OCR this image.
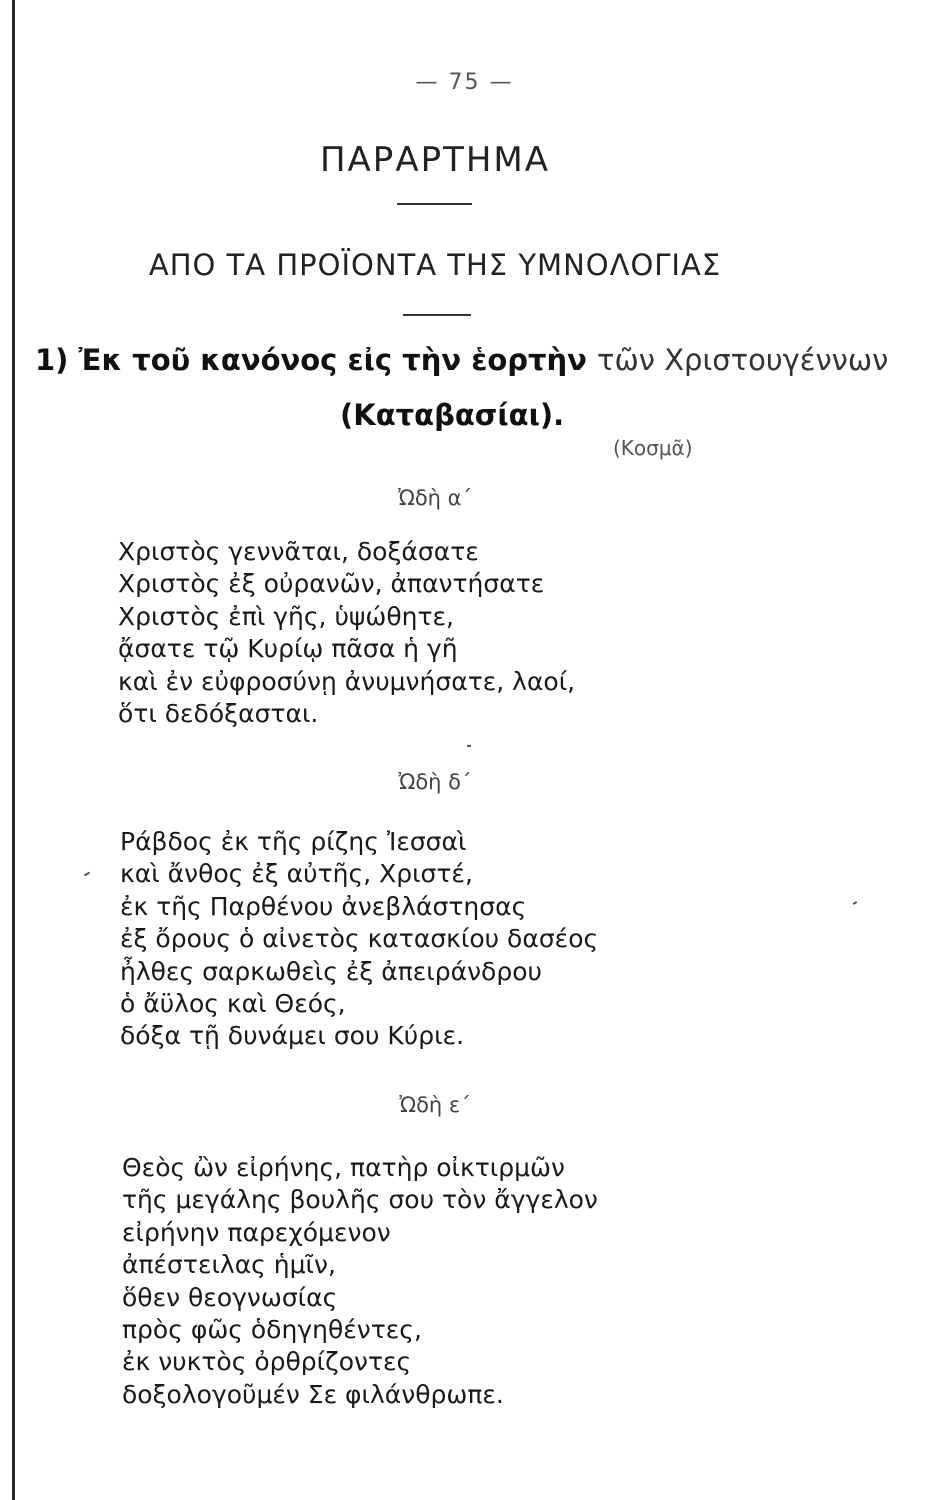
— 75 —
ΠΑΡΑΡΤΗΜΑ
ΑΠΟ ΤΑ ΠΡΟΪΟΝΤΑ ΤΗΣ ΥΜΝΟΛΟΓΙΑΣ
1) Ἐκ τοῦ κανόνος εἰς τὴν ἑορτὴν τῶν Χριστουγέννων
(Καταβασίαι).
(Κοσμᾶ)
Ὠδὴ α΄
Χριστὸς γεννᾶται, δοξάσατε
Χριστὸς ἐξ οὐρανῶν, ἀπαντήσατε
Χριστὸς ἐπὶ γῆς, ὑψώθητε,
ᾄσατε τῷ Κυρίῳ πᾶσα ἡ γῆ
καὶ ἐν εὐφροσύνῃ ἀνυμνήσατε, λαοί,
ὅτι δεδόξασται.
Ὠδὴ δ΄
Ράβδος ἐκ τῆς ρίζης Ἰεσσαὶ
καὶ ἄνθος ἐξ αὐτῆς, Χριστέ,
ἐκ τῆς Παρθένου ἀνεβλάστησας
ἐξ ὄρους ὁ αἰνετὸς κατασκίου δασέος
ἦλθες σαρκωθεὶς ἐξ ἀπειράνδρου
ὁ ἄϋλος καὶ Θεός,
δόξα τῇ δυνάμει σου Κύριε.
Ὠδὴ ε΄
Θεὸς ὢν εἰρήνης, πατὴρ οἰκτιρμῶν
τῆς μεγάλης βουλῆς σου τὸν ἄγγελον
εἰρήνην παρεχόμενον
ἀπέστειλας ἡμῖν,
ὅθεν θεογνωσίας
πρὸς φῶς ὁδηγηθέντες,
ἐκ νυκτὸς ὀρθρίζοντες
δοξολογοῦμέν Σε φιλάνθρωπε.
